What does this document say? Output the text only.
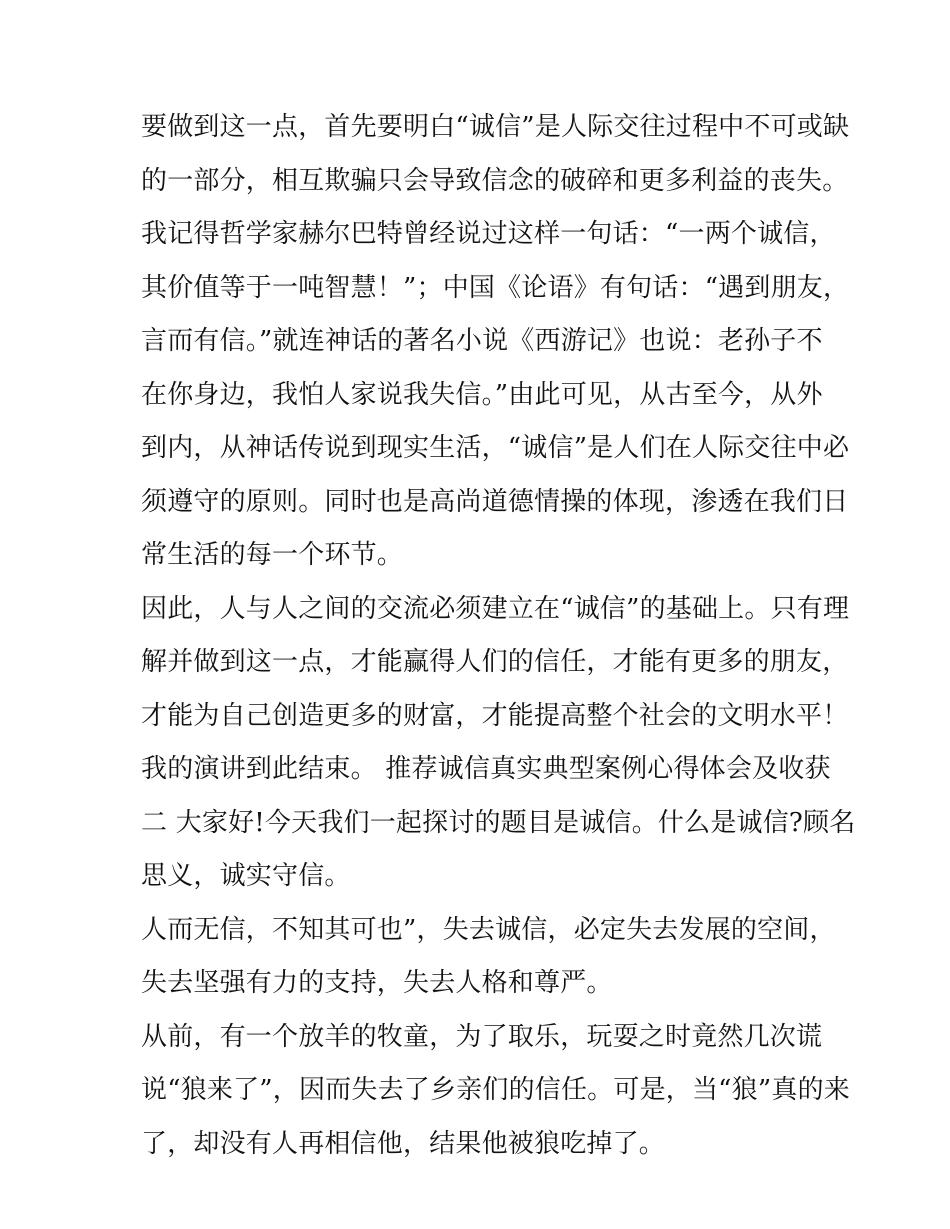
要做到这一点，首先要明白“诚信”是人际交往过程中不可或缺
的一部分，相互欺骗只会导致信念的破碎和更多利益的丧失。
我记得哲学家赫尔巴特曾经说过这样一句话：“一两个诚信，
其价值等于一吨智慧！”；中国《论语》有句话：“遇到朋友，
言而有信。”就连神话的著名小说《西游记》也说：老孙子不
在你身边，我怕人家说我失信。”由此可见，从古至今，从外
到内，从神话传说到现实生活，“诚信”是人们在人际交往中必
须遵守的原则。同时也是高尚道德情操的体现，渗透在我们日
常生活的每一个环节。
因此，人与人之间的交流必须建立在“诚信”的基础上。只有理
解并做到这一点，才能赢得人们的信任，才能有更多的朋友，
才能为自己创造更多的财富，才能提高整个社会的文明水平！
我的演讲到此结束。 推荐诚信真实典型案例心得体会及收获
二 大家好!今天我们一起探讨的题目是诚信。什么是诚信?顾名
思义，诚实守信。
人而无信，不知其可也”，失去诚信，必定失去发展的空间，
失去坚强有力的支持，失去人格和尊严。
从前，有一个放羊的牧童，为了取乐，玩耍之时竟然几次谎
说“狼来了”，因而失去了乡亲们的信任。可是，当“狼”真的来
了，却没有人再相信他，结果他被狼吃掉了。
